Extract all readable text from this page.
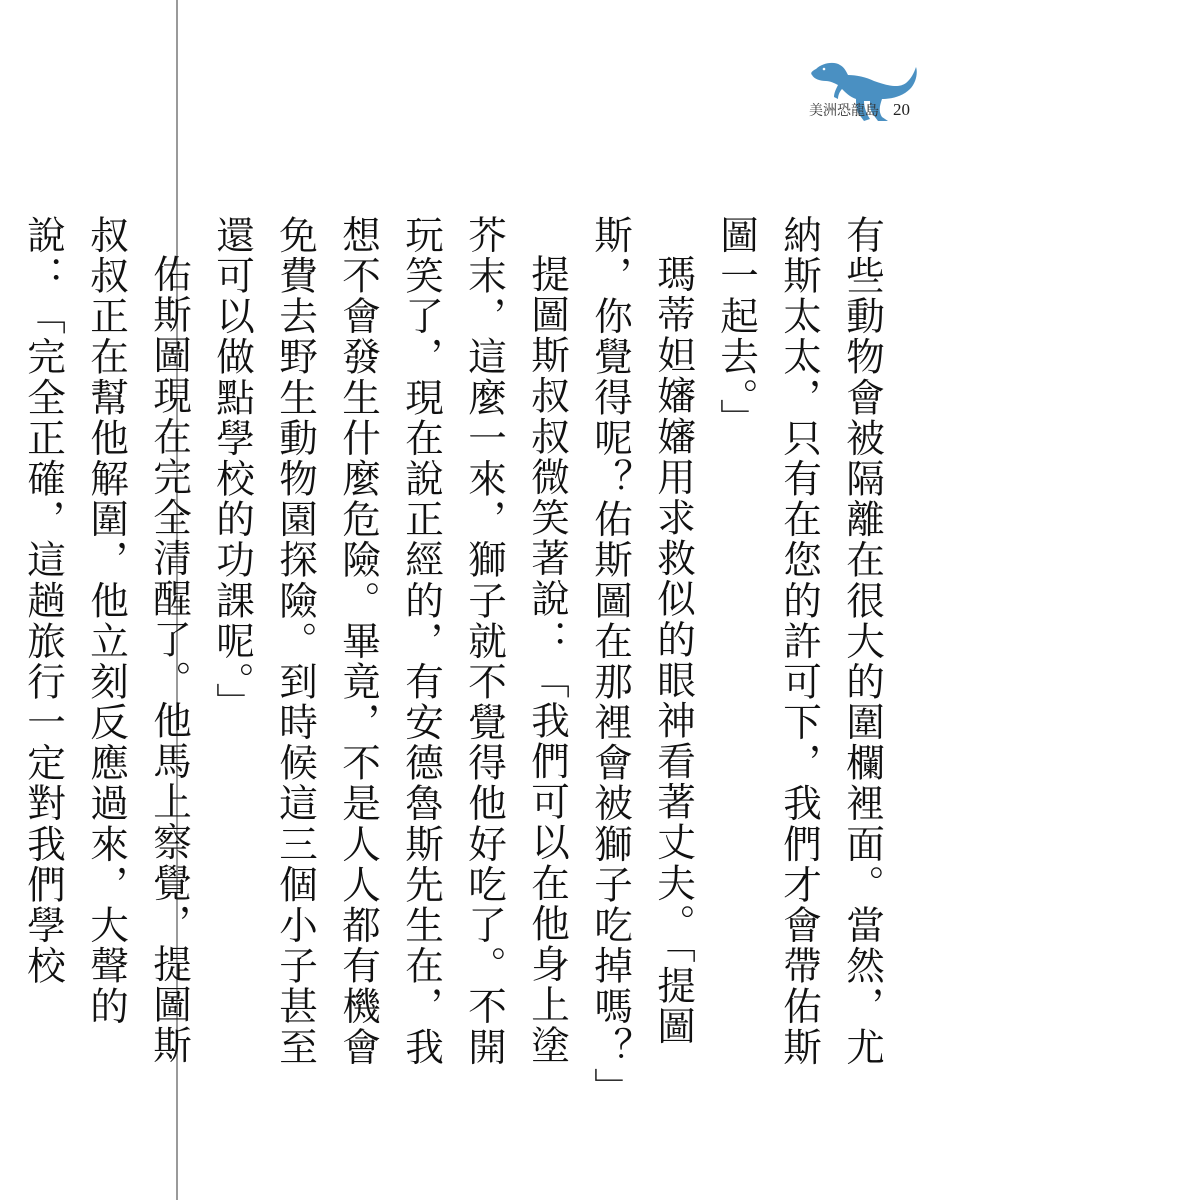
美洲恐龍島 20

有些動物會被隔離在很大的圍欄裡面。當然，尤納斯太太，只有在您的許可下，我們才會帶佑斯圖一起去。」

瑪蒂妲嬸嬸用求救似的眼神看著丈夫。「提圖斯，你覺得呢？佑斯圖在那裡會被獅子吃掉嗎？」

提圖斯叔叔微笑著說：「我們可以在他身上塗芥末，這麼一來，獅子就不覺得他好吃了。不開玩笑了，現在說正經的，有安德魯斯先生在，我想不會發生什麼危險。畢竟，不是人人都有機會免費去野生動物園探險。到時候這三個小子甚至還可以做點學校的功課呢。」

佑斯圖現在完全清醒了。他馬上察覺，提圖斯叔叔正在幫他解圍，他立刻反應過來，大聲的說：「完全正確，這趟旅行一定對我們學校
